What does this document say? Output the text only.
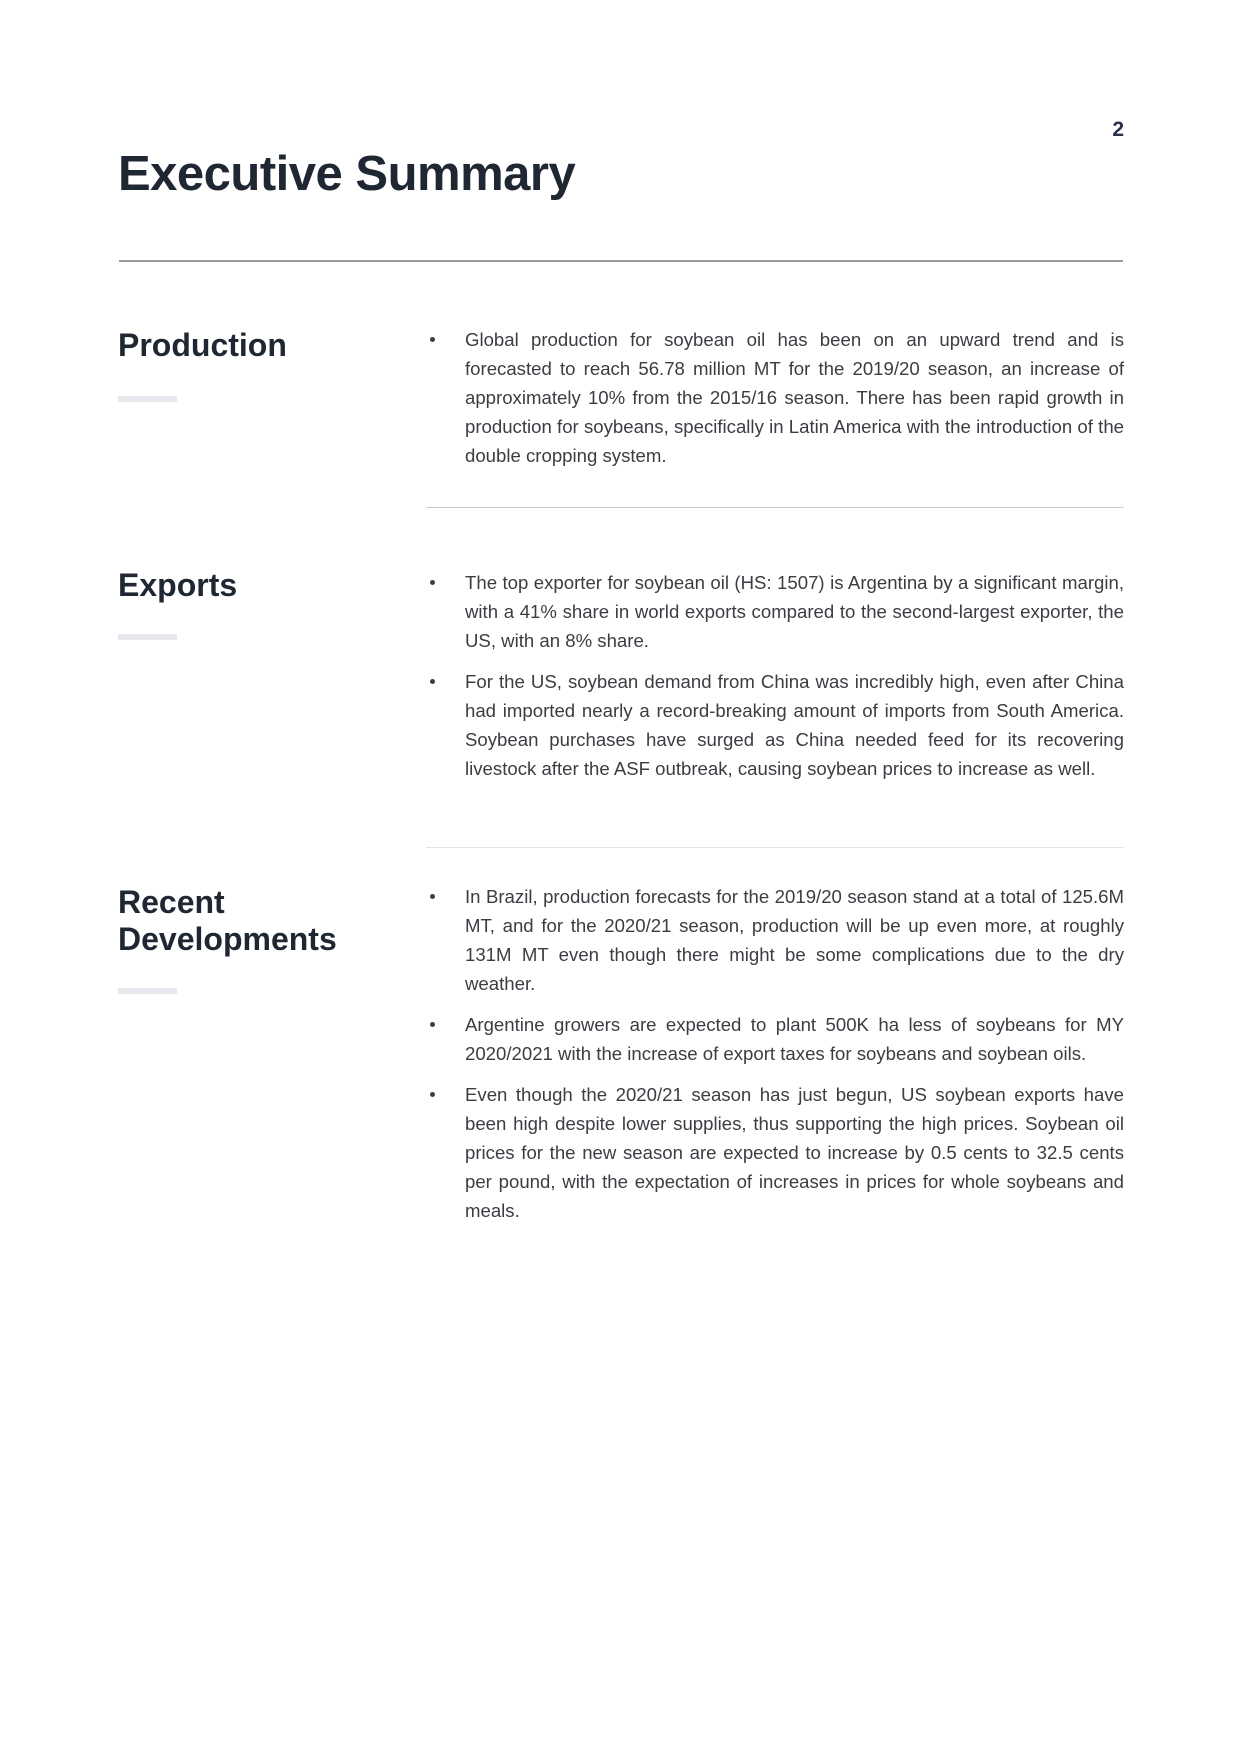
2
Executive Summary
Production	Global production for soybean oil has been on an upward trend and is forecasted to reach 56.78 million MT for the 2019/20 season, an increase of approximately 10% from the 2015/16 season. There has been rapid growth in production for soybeans, specifically in Latin America with the introduction of the double cropping system.
Exports	The top exporter for soybean oil (HS: 1507) is Argentina by a significant margin, with a 41% share in world exports compared to the second-largest exporter, the US, with an 8% share.
For the US, soybean demand from China was incredibly high, even after China had imported nearly a record-breaking amount of imports from South America. Soybean purchases have surged as China needed feed for its recovering livestock after the ASF outbreak, causing soybean prices to increase as well.
Recent
Developments
In Brazil, production forecasts for the 2019/20 season stand at a total of 125.6M MT, and for the 2020/21 season, production will be up even more, at roughly 131M MT even though there might be some complications due to the dry weather.
Argentine growers are expected to plant 500K ha less of soybeans for MY 2020/2021 with the increase of export taxes for soybeans and soybean oils.
Even though the 2020/21 season has just begun, US soybean exports have been high despite lower supplies, thus supporting the high prices. Soybean oil prices for the new season are expected to increase by 0.5 cents to 32.5 cents per pound, with the expectation of increases in prices for whole soybeans and meals.
